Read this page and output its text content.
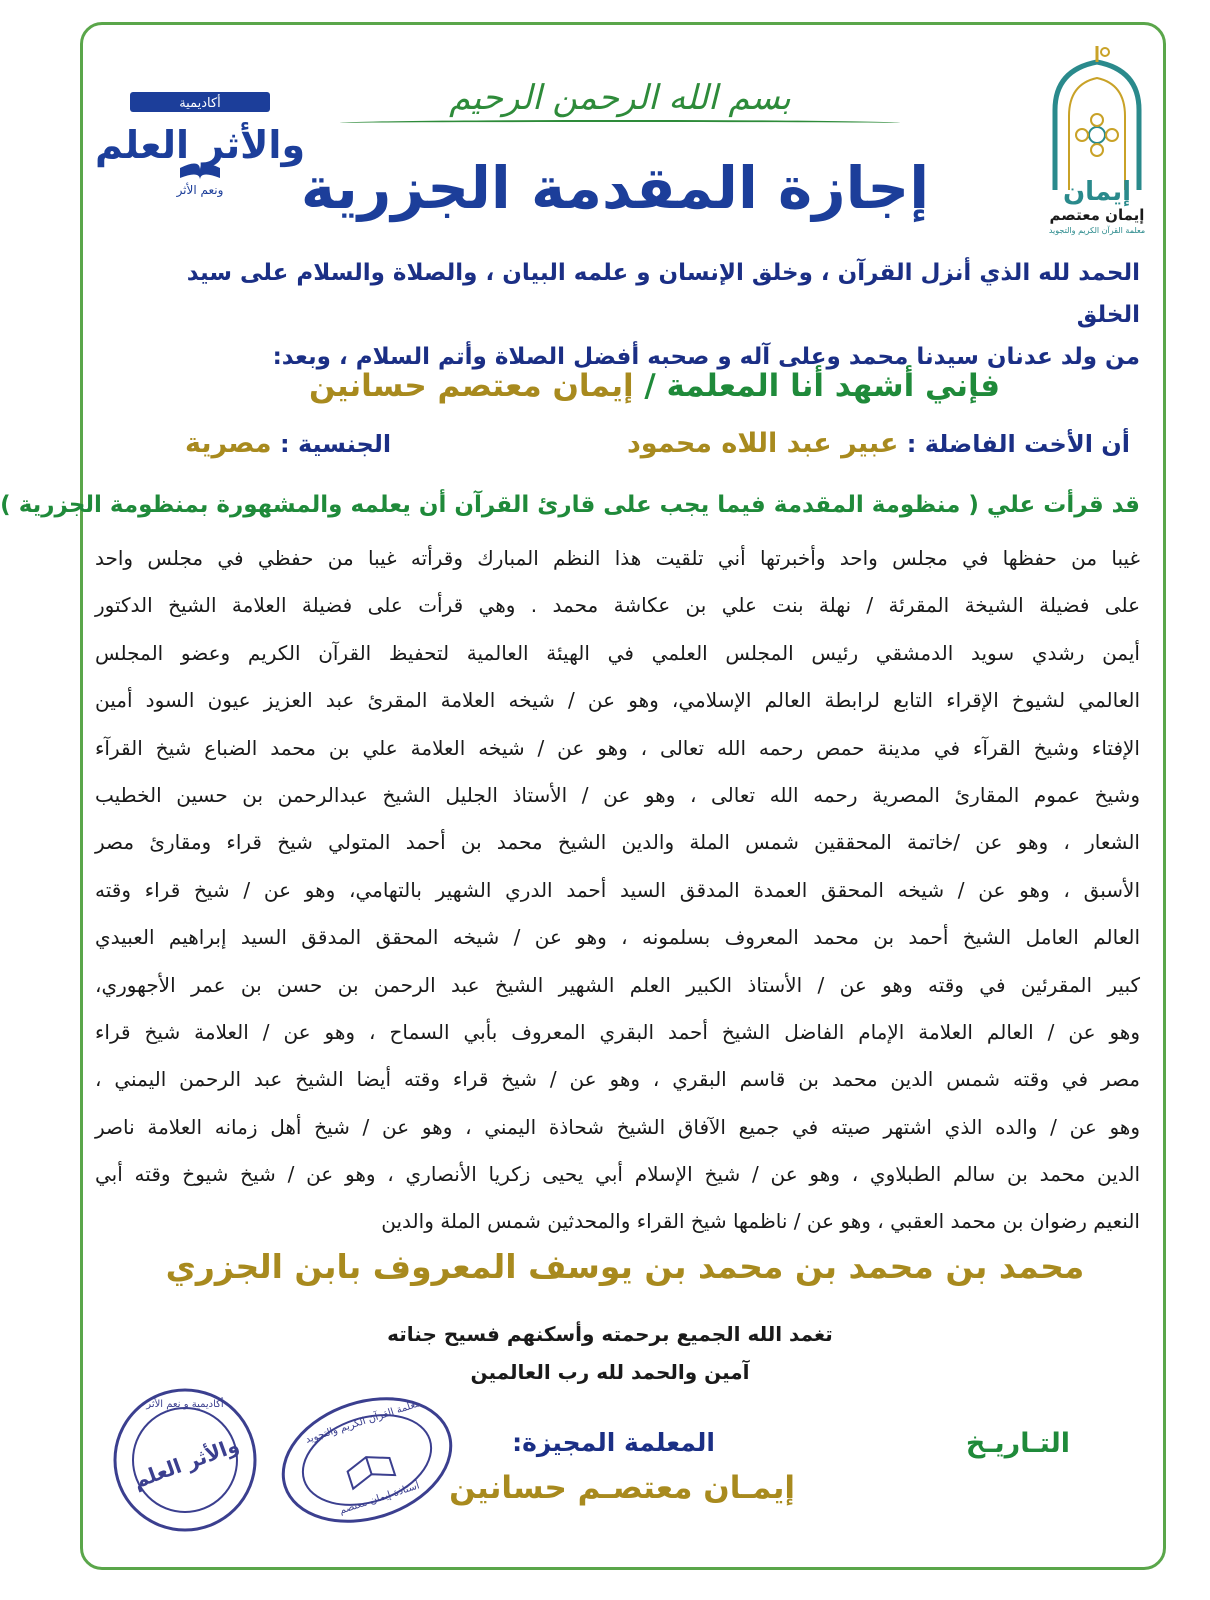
إيمان
إيمان معتصم
معلمة القرآن الكريم والتجويد
أكاديمية
والأثر العلم
ونعم الأثر
بسم الله الرحمن الرحيم
إجازة المقدمة الجزرية
الحمد لله الذي أنزل القرآن ، وخلق الإنسان و علمه البيان ، والصلاة والسلام على سيد الخلق
من ولد عدنان سيدنا محمد وعلى آله و صحبه أفضل الصلاة وأتم السلام ، وبعد:
فإني أشهد أنا المعلمة / إيمان معتصم حسانين
أن الأخت الفاضلة : عبير عبد اللاه محمود
الجنسية : مصرية
قد قرأت علي ( منظومة المقدمة فيما يجب على قارئ القرآن أن يعلمه والمشهورة بمنظومة الجزرية )
غيبا من حفظها في مجلس واحد وأخبرتها أني تلقيت هذا النظم المبارك وقرأته غيبا من حفظي في مجلس واحد
على فضيلة الشيخة المقرئة / نهلة بنت علي بن عكاشة محمد . وهي قرأت على فضيلة العلامة الشيخ الدكتور
أيمن رشدي سويد الدمشقي رئيس المجلس العلمي في الهيئة العالمية لتحفيظ القرآن الكريم وعضو المجلس
العالمي لشيوخ الإقراء التابع لرابطة العالم الإسلامي، وهو عن / شيخه العلامة المقرئ عبد العزيز عيون السود أمين
الإفتاء وشيخ القرآء في مدينة حمص رحمه الله تعالى ، وهو عن / شيخه العلامة علي بن محمد الضباع شيخ القرآء
وشيخ عموم المقارئ المصرية رحمه الله تعالى ، وهو عن / الأستاذ الجليل الشيخ عبدالرحمن بن حسين الخطيب
الشعار ، وهو عن /خاتمة المحققين شمس الملة والدين الشيخ محمد بن أحمد المتولي شيخ قراء ومقارئ مصر
الأسبق ، وهو عن / شيخه المحقق العمدة المدقق السيد أحمد الدري الشهير بالتهامي، وهو عن / شيخ قراء وقته
العالم العامل الشيخ أحمد بن محمد المعروف بسلمونه ، وهو عن / شيخه المحقق المدقق السيد إبراهيم العبيدي
كبير المقرئين في وقته وهو عن / الأستاذ الكبير العلم الشهير الشيخ عبد الرحمن بن حسن بن عمر الأجهوري،
وهو عن / العالم العلامة الإمام الفاضل الشيخ أحمد البقري المعروف بأبي السماح ، وهو عن / العلامة شيخ قراء
مصر في وقته شمس الدين محمد بن قاسم البقري ، وهو عن / شيخ قراء وقته أيضا الشيخ عبد الرحمن اليمني ،
وهو عن / والده الذي اشتهر صيته في جميع الآفاق الشيخ شحاذة اليمني ، وهو عن / شيخ أهل زمانه العلامة ناصر
الدين محمد بن سالم الطبلاوي ، وهو عن / شيخ الإسلام أبي يحيى زكريا الأنصاري ، وهو عن / شيخ شيوخ وقته أبي
النعيم رضوان بن محمد العقبي ، وهو عن / ناظمها شيخ القراء والمحدثين شمس الملة والدين
محمد بن محمد بن محمد بن يوسف المعروف بابن الجزري
تغمد الله الجميع برحمته وأسكنهم فسيح جناته
آمين والحمد لله رب العالمين
التـاريـخ
المعلمة المجيزة:
إيمـان معتصـم حسانين
معلمة القرآن الكريم والتجويد
أستاذة إيمان معتصم
أكاديمية و نعم الأثر
والأثر العلم
